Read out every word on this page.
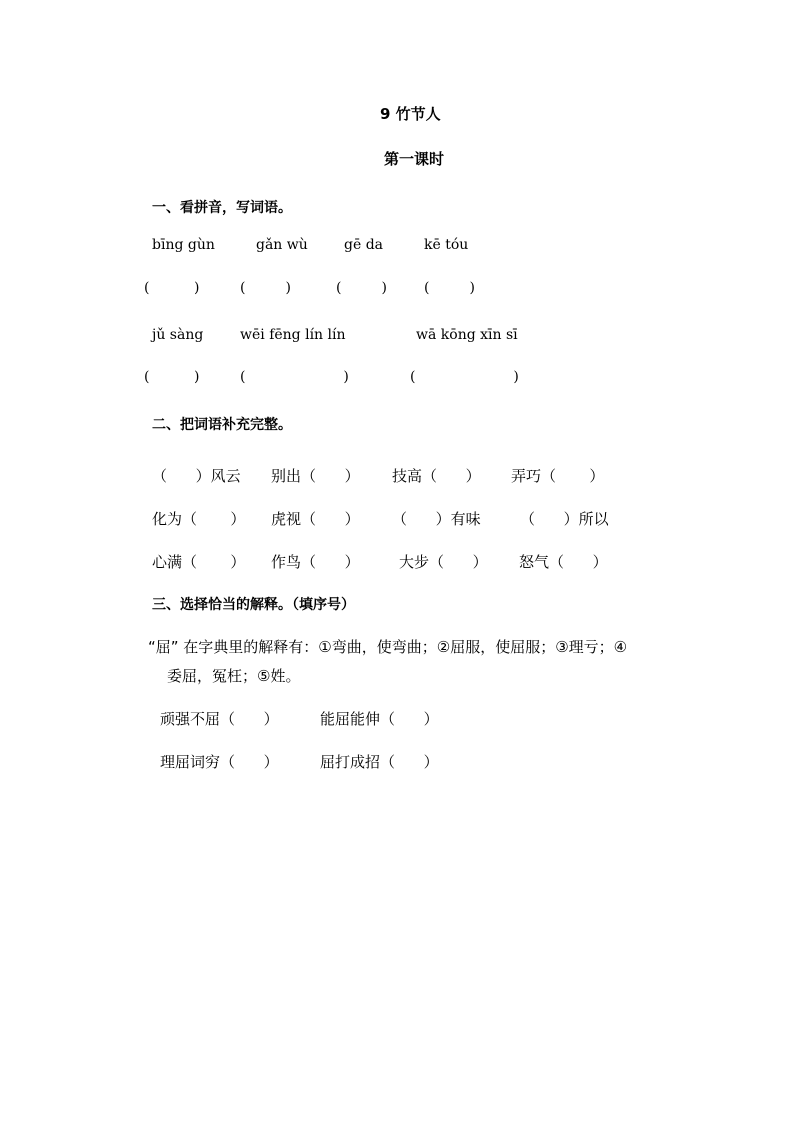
9 竹节人
第一课时
一、看拼音，写词语。
bīng gùn	gǎn wù	gē da	kē tóu
(          )	(         )	(         )	(         )
jǔ sàng	wēi fēng lín lín	wā kōng xīn sī
(          )	(                      )	(                      )
二、把词语补充完整。
（      ）风云 别出（      ） 技高（      ） 弄巧（       ）
化为（       ） 虎视（      ） （      ）有味	（      ）所以
心满（       ） 作鸟（      ）	大步（      ） 怒气（      ）
三、选择恰当的解释。（填序号）
“屈” 在字典里的解释有：①弯曲，使弯曲；②屈服，使屈服；③理亏；④
委屈，冤枉；⑤姓。
顽强不屈（      ）	能屈能伸（      ）
理屈词穷（      ）	屈打成招（      ）
